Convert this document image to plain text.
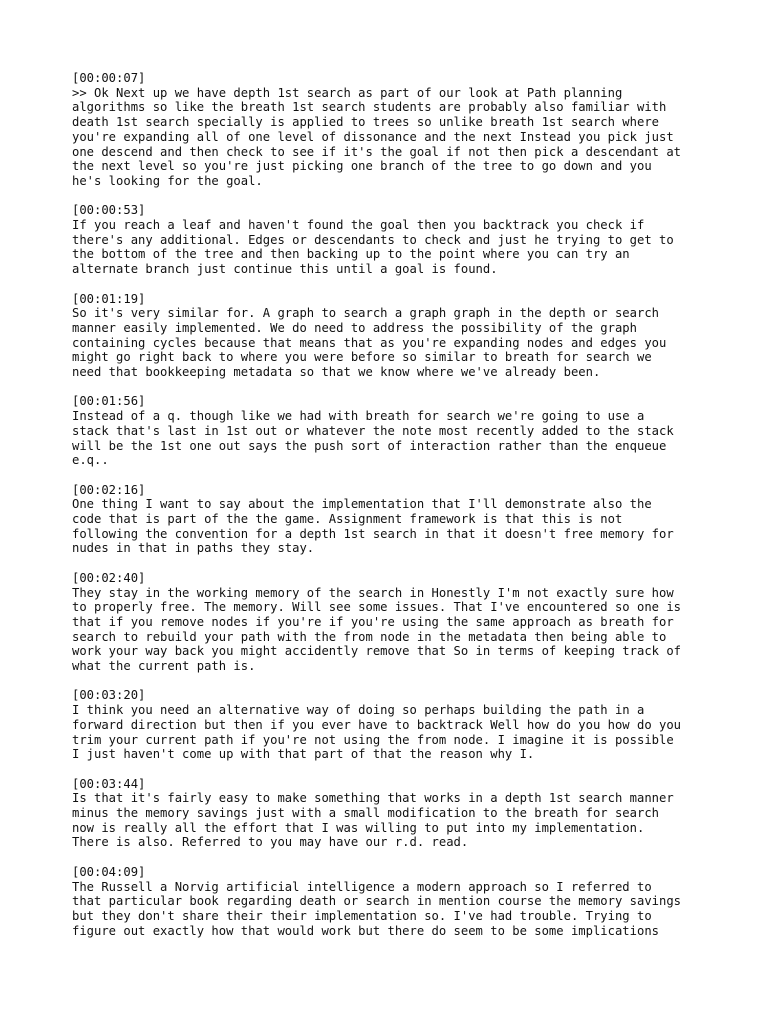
[00:00:07]
>> Ok Next up we have depth 1st search as part of our look at Path planning
algorithms so like the breath 1st search students are probably also familiar with
death 1st search specially is applied to trees so unlike breath 1st search where
you're expanding all of one level of dissonance and the next Instead you pick just
one descend and then check to see if it's the goal if not then pick a descendant at
the next level so you're just picking one branch of the tree to go down and you
he's looking for the goal.
[00:00:53]
If you reach a leaf and haven't found the goal then you backtrack you check if
there's any additional. Edges or descendants to check and just he trying to get to
the bottom of the tree and then backing up to the point where you can try an
alternate branch just continue this until a goal is found.
[00:01:19]
So it's very similar for. A graph to search a graph graph in the depth or search
manner easily implemented. We do need to address the possibility of the graph
containing cycles because that means that as you're expanding nodes and edges you
might go right back to where you were before so similar to breath for search we
need that bookkeeping metadata so that we know where we've already been.
[00:01:56]
Instead of a q. though like we had with breath for search we're going to use a
stack that's last in 1st out or whatever the note most recently added to the stack
will be the 1st one out says the push sort of interaction rather than the enqueue
e.q..
[00:02:16]
One thing I want to say about the implementation that I'll demonstrate also the
code that is part of the the game. Assignment framework is that this is not
following the convention for a depth 1st search in that it doesn't free memory for
nudes in that in paths they stay.
[00:02:40]
They stay in the working memory of the search in Honestly I'm not exactly sure how
to properly free. The memory. Will see some issues. That I've encountered so one is
that if you remove nodes if you're if you're using the same approach as breath for
search to rebuild your path with the from node in the metadata then being able to
work your way back you might accidently remove that So in terms of keeping track of
what the current path is.
[00:03:20]
I think you need an alternative way of doing so perhaps building the path in a
forward direction but then if you ever have to backtrack Well how do you how do you
trim your current path if you're not using the from node. I imagine it is possible
I just haven't come up with that part of that the reason why I.
[00:03:44]
Is that it's fairly easy to make something that works in a depth 1st search manner
minus the memory savings just with a small modification to the breath for search
now is really all the effort that I was willing to put into my implementation.
There is also. Referred to you may have our r.d. read.
[00:04:09]
The Russell a Norvig artificial intelligence a modern approach so I referred to
that particular book regarding death or search in mention course the memory savings
but they don't share their their implementation so. I've had trouble. Trying to
figure out exactly how that would work but there do seem to be some implications
